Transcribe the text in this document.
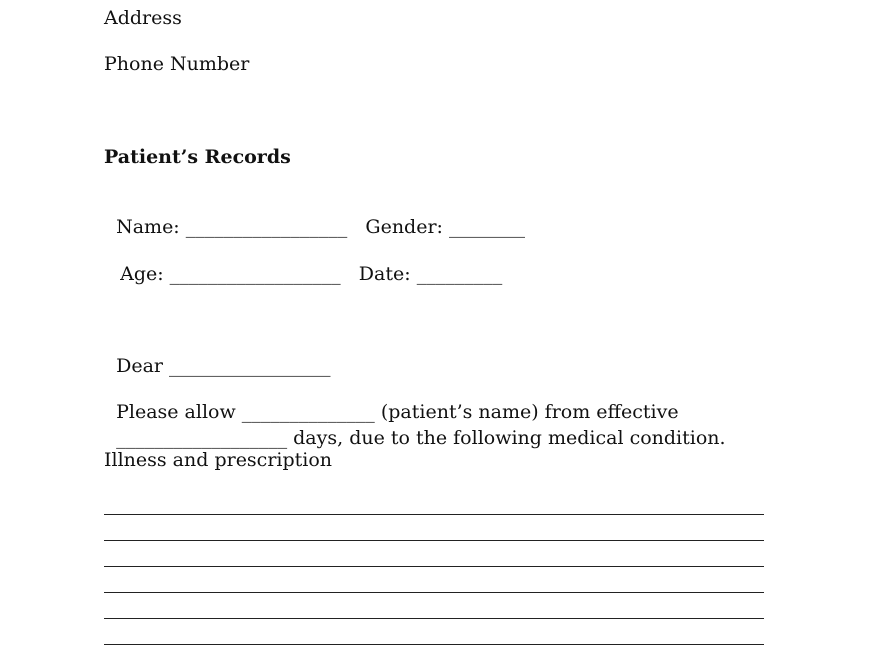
Address
Phone Number
Patient’s Records

Name: _________________ Gender: ________

Age: __________________ Date: _________

Dear _________________

Please allow ______________ (patient’s name) from effective

__________________ days, due to the following medical condition.

Illness and prescription
